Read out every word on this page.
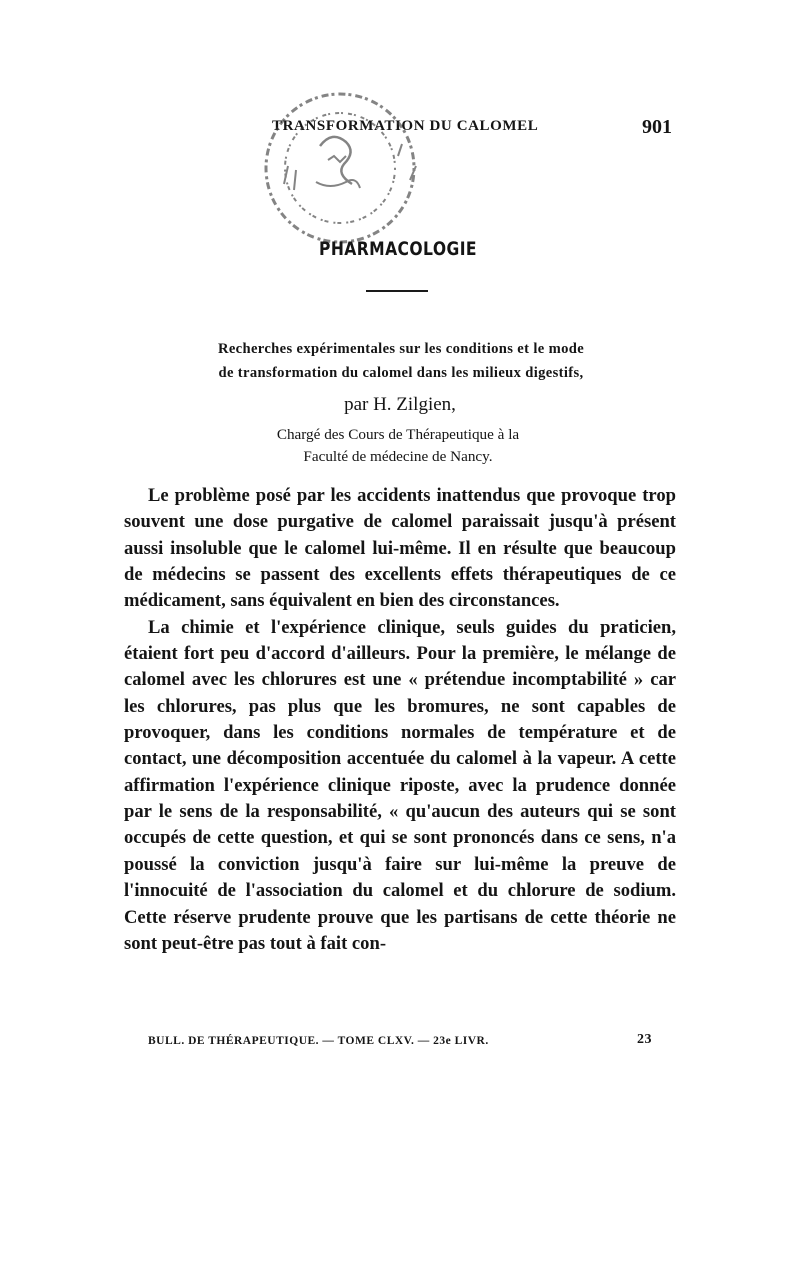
TRANSFORMATION DU CALOMEL	901
PHARMACOLOGIE
Recherches expérimentales sur les conditions et le mode
de transformation du calomel dans les milieux digestifs,
par H. Zilgien,
Chargé des Cours de Thérapeutique à la
Faculté de médecine de Nancy.

Le problème posé par les accidents inattendus que provoque trop souvent une dose purgative de calomel paraissait jusqu'à présent aussi insoluble que le calomel lui-même. Il en résulte que beaucoup de médecins se passent des excellents effets thérapeutiques de ce médicament, sans équivalent en bien des circonstances.

La chimie et l'expérience clinique, seuls guides du praticien, étaient fort peu d'accord d'ailleurs. Pour la première, le mélange de calomel avec les chlorures est une « prétendue incomptabilité » car les chlorures, pas plus que les bromures, ne sont capables de provoquer, dans les conditions normales de température et de contact, une décomposition accentuée du calomel à la vapeur. A cette affirmation l'expérience clinique riposte, avec la prudence donnée par le sens de la responsabilité, « qu'aucun des auteurs qui se sont occupés de cette question, et qui se sont prononcés dans ce sens, n'a poussé la conviction jusqu'à faire sur lui-même la preuve de l'innocuité de l'association du calomel et du chlorure de sodium. Cette réserve prudente prouve que les partisans de cette théorie ne sont peut-être pas tout à fait con-

BULL. DE THÉRAPEUTIQUE. — TOME CLXV. — 23e LIVR.	23
